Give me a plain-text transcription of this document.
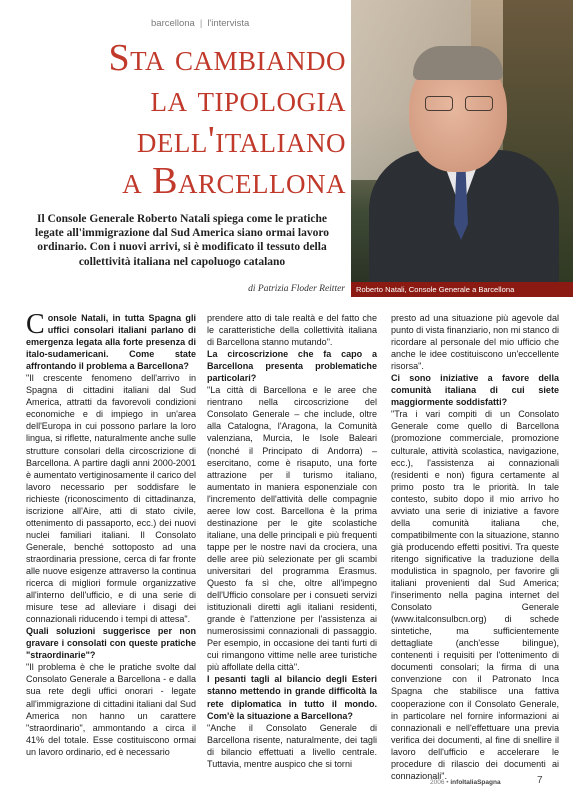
barcellona | l'intervista
Sta cambiando
la tipologia
dell'italiano
a Barcellona
Roberto Natali, Console Generale a Barcellona

Il Console Generale Roberto Natali spiega come le pratiche legate all'immigrazione dal Sud America siano ormai lavoro ordinario. Con i nuovi arrivi, si è modificato il tessuto della collettività italiana nel capoluogo catalano

di Patrizia Floder Reitter

Console Natali, in tutta Spagna gli uffici consolari italiani parlano di emergenza legata alla forte presenza di italo-sudamericani. Come state affrontando il problema a Barcellona?

"Il crescente fenomeno dell'arrivo in Spagna di cittadini italiani dal Sud America, attratti da favorevoli condizioni economiche e di impiego in un'area dell'Europa in cui possono parlare la loro lingua, si riflette, naturalmente anche sulle strutture consolari della circoscrizione di Barcellona. A partire dagli anni 2000-2001 è aumentato vertiginosamente il carico del lavoro necessario per soddisfare le richieste (riconoscimento di cittadinanza, iscrizione all'Aire, atti di stato civile, ottenimento di passaporto, ecc.) dei nuovi nuclei familiari italiani. Il Consolato Generale, benché sottoposto ad una straordinaria pressione, cerca di far fronte alle nuove esigenze attraverso la continua ricerca di migliori formule organizzative all'interno dell'ufficio, e di una serie di misure tese ad alleviare i disagi dei connazionali riducendo i tempi di attesa".

Quali soluzioni suggerisce per non gravare i consolati con queste pratiche "straordinarie"?

"Il problema è che le pratiche svolte dal Consolato Generale a Barcellona - e dalla sua rete degli uffici onorari - legate all'immigrazione di cittadini italiani dal Sud America non hanno un carattere "straordinario", ammontando a circa il 41% del totale. Esse costituiscono ormai un lavoro ordinario, ed è necessario

prendere atto di tale realtà e del fatto che le caratteristiche della collettività italiana di Barcellona stanno mutando".

La circoscrizione che fa capo a Barcellona presenta problematiche particolari?

"La città di Barcellona e le aree che rientrano nella circoscrizione del Consolato Generale – che include, oltre alla Catalogna, l'Aragona, la Comunità valenziana, Murcia, le Isole Baleari (nonché il Principato di Andorra) – esercitano, come è risaputo, una forte attrazione per il turismo italiano, aumentato in maniera esponenziale con l'incremento dell'attività delle compagnie aeree low cost. Barcellona è la prima destinazione per le gite scolastiche italiane, una delle principali e più frequenti tappe per le nostre navi da crociera, una delle aree più selezionate per gli scambi universitari del programma Erasmus. Questo fa sì che, oltre all'impegno dell'Ufficio consolare per i consueti servizi istituzionali diretti agli italiani residenti, grande è l'attenzione per l'assistenza ai numerosissimi connazionali di passaggio. Per esempio, in occasione dei tanti furti di cui rimangono vittime nelle aree turistiche più affollate della città".

I pesanti tagli al bilancio degli Esteri stanno mettendo in grande difficoltà la rete diplomatica in tutto il mondo. Com'è la situazione a Barcellona?

"Anche il Consolato Generale di Barcellona risente, naturalmente, dei tagli di bilancio effettuati a livello centrale. Tuttavia, mentre auspico che si torni

presto ad una situazione più agevole dal punto di vista finanziario, non mi stanco di ricordare al personale del mio ufficio che anche le idee costituiscono un'eccellente risorsa".

Ci sono iniziative a favore della comunità italiana di cui siete maggiormente soddisfatti?

"Tra i vari compiti di un Consolato Generale come quello di Barcellona (promozione commerciale, promozione culturale, attività scolastica, navigazione, ecc.), l'assistenza ai connazionali (residenti e non) figura certamente al primo posto tra le priorità. In tale contesto, subito dopo il mio arrivo ho avviato una serie di iniziative a favore della comunità italiana che, compatibilmente con la situazione, stanno già producendo effetti positivi. Tra queste ritengo significative la traduzione della modulistica in spagnolo, per favorire gli italiani provenienti dal Sud America; l'inserimento nella pagina internet del Consolato Generale (www.italconsulbcn.org) di schede sintetiche, ma sufficientemente dettagliate (anch'esse bilingue), contenenti i requisiti per l'ottenimento di documenti consolari; la firma di una convenzione con il Patronato Inca Spagna che stabilisce una fattiva cooperazione con il Consolato Generale, in particolare nel fornire informazioni ai connazionali e nell'effettuare una previa verifica dei documenti, al fine di snellire il lavoro dell'ufficio e accelerare le procedure di rilascio dei documenti ai connazionali".

2006 • infoItaliaSpagna	7
